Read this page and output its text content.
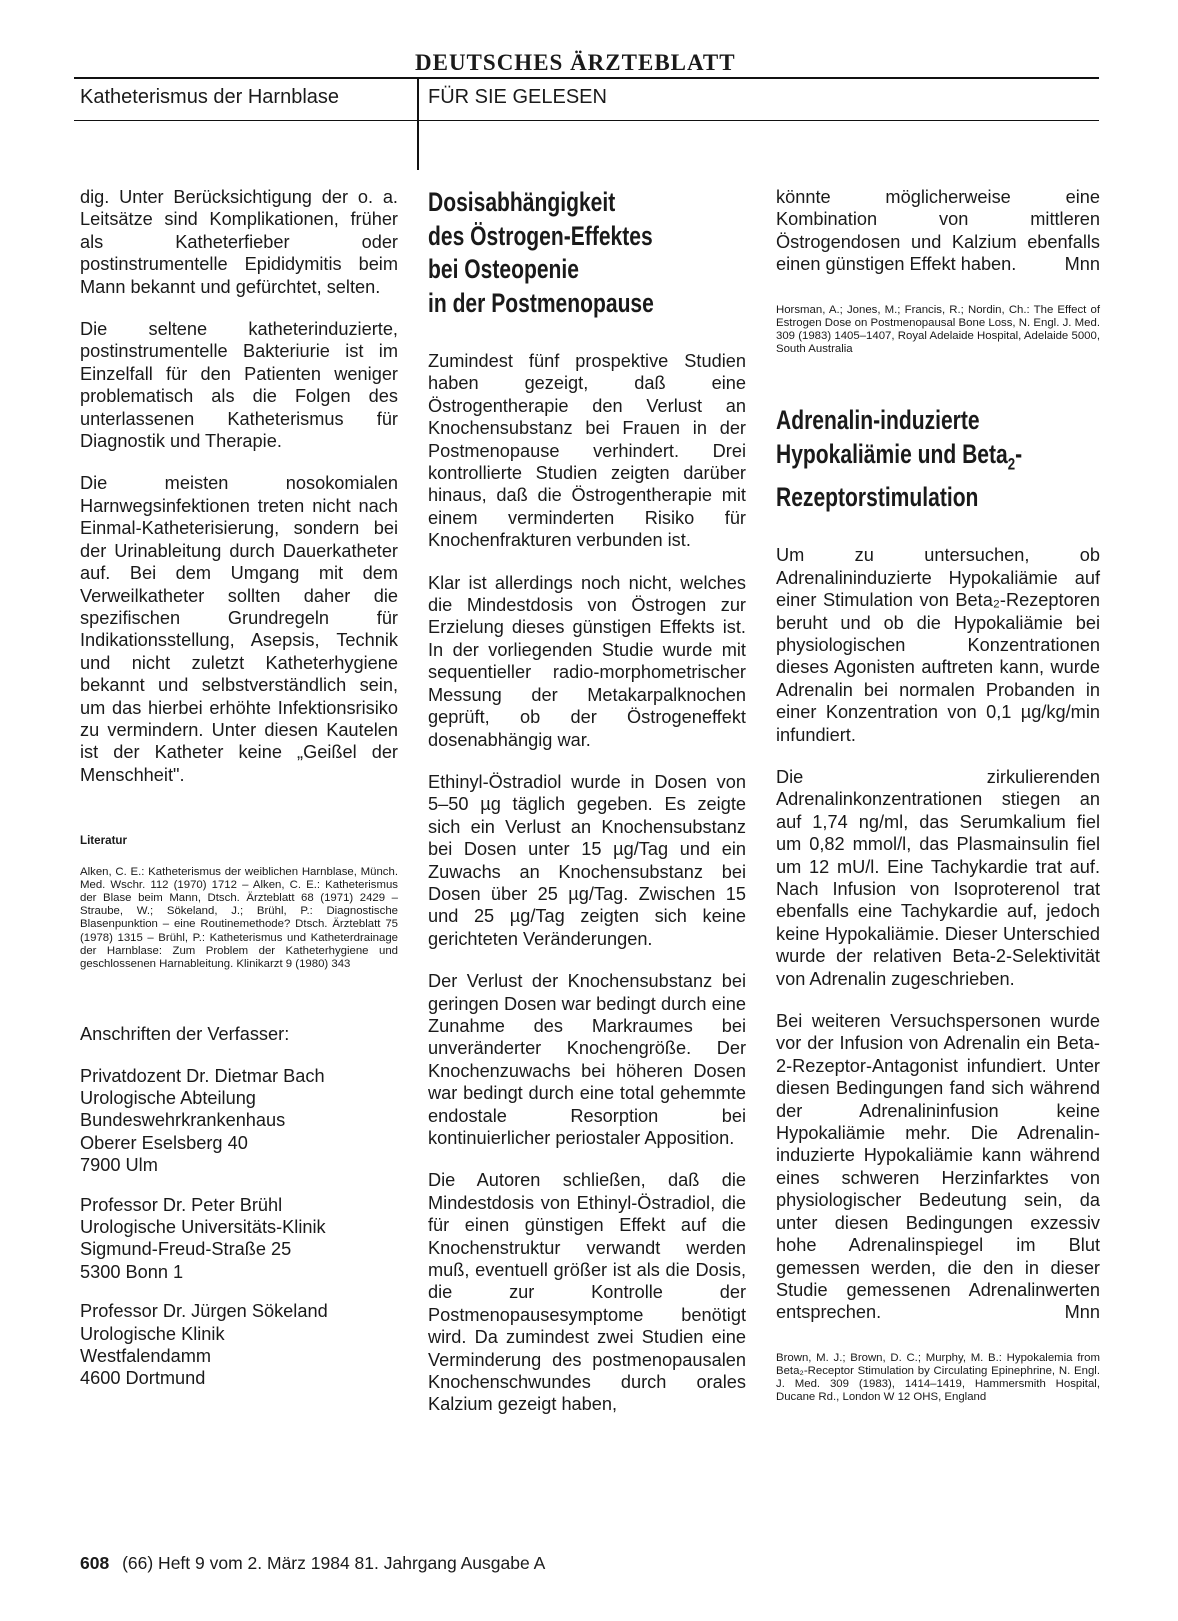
DEUTSCHES ÄRZTEBLATT
Katheterismus der Harnblase	FÜR SIE GELESEN

dig. Unter Berücksichtigung der o. a. Leitsätze sind Komplikationen, früher als Katheterfieber oder postinstrumentelle Epididymitis beim Mann bekannt und gefürchtet, selten.

Die seltene katheterinduzierte, postinstrumentelle Bakteriurie ist im Einzelfall für den Patienten weniger problematisch als die Folgen des unterlassenen Katheterismus für Diagnostik und Therapie.

Die meisten nosokomialen Harnwegsinfektionen treten nicht nach Einmal-Katheterisierung, sondern bei der Urinableitung durch Dauerkatheter auf. Bei dem Umgang mit dem Verweilkatheter sollten daher die spezifischen Grundregeln für Indikationsstellung, Asepsis, Technik und nicht zuletzt Katheterhygiene bekannt und selbstverständlich sein, um das hierbei erhöhte Infektionsrisiko zu vermindern. Unter diesen Kautelen ist der Katheter keine „Geißel der Menschheit".

Literatur
Alken, C. E.: Katheterismus der weiblichen Harnblase, Münch. Med. Wschr. 112 (1970) 1712 – Alken, C. E.: Katheterismus der Blase beim Mann, Dtsch. Ärzteblatt 68 (1971) 2429 – Straube, W.; Sökeland, J.; Brühl, P.: Diagnostische Blasenpunktion – eine Routinemethode? Dtsch. Ärzteblatt 75 (1978) 1315 – Brühl, P.: Katheterismus und Katheterdrainage der Harnblase: Zum Problem der Katheterhygiene und geschlossenen Harnableitung. Klinikarzt 9 (1980) 343
Anschriften der Verfasser:
Privatdozent Dr. Dietmar Bach
Urologische Abteilung
Bundeswehrkrankenhaus
Oberer Eselsberg 40
7900 Ulm
Professor Dr. Peter Brühl
Urologische Universitäts-Klinik
Sigmund-Freud-Straße 25
5300 Bonn 1
Professor Dr. Jürgen Sökeland
Urologische Klinik
Westfalendamm
4600 Dortmund
Dosisabhängigkeit
des Östrogen-Effektes
bei Osteopenie
in der Postmenopause

Zumindest fünf prospektive Studien haben gezeigt, daß eine Östrogentherapie den Verlust an Knochensubstanz bei Frauen in der Postmenopause verhindert. Drei kontrollierte Studien zeigten darüber hinaus, daß die Östrogentherapie mit einem verminderten Risiko für Knochenfrakturen verbunden ist.

Klar ist allerdings noch nicht, welches die Mindestdosis von Östrogen zur Erzielung dieses günstigen Effekts ist. In der vorliegenden Studie wurde mit sequentieller radio-morphometrischer Messung der Metakarpalknochen geprüft, ob der Östrogeneffekt dosenabhängig war.

Ethinyl-Östradiol wurde in Dosen von 5–50 µg täglich gegeben. Es zeigte sich ein Verlust an Knochensubstanz bei Dosen unter 15 µg/Tag und ein Zuwachs an Knochensubstanz bei Dosen über 25 µg/Tag. Zwischen 15 und 25 µg/Tag zeigten sich keine gerichteten Veränderungen.

Der Verlust der Knochensubstanz bei geringen Dosen war bedingt durch eine Zunahme des Markraumes bei unveränderter Knochengröße. Der Knochenzuwachs bei höheren Dosen war bedingt durch eine total gehemmte endostale Resorption bei kontinuierlicher periostaler Apposition.

Die Autoren schließen, daß die Mindestdosis von Ethinyl-Östradiol, die für einen günstigen Effekt auf die Knochenstruktur verwandt werden muß, eventuell größer ist als die Dosis, die zur Kontrolle der Postmenopausesymptome benötigt wird. Da zumindest zwei Studien eine Verminderung des postmenopausalen Knochenschwundes durch orales Kalzium gezeigt haben,

könnte möglicherweise eine Kombination von mittleren Östrogendosen und Kalzium ebenfalls einen günstigen Effekt haben.	Mnn

Horsman, A.; Jones, M.; Francis, R.; Nordin, Ch.: The Effect of Estrogen Dose on Postmenopausal Bone Loss, N. Engl. J. Med. 309 (1983) 1405–1407, Royal Adelaide Hospital, Adelaide 5000, South Australia
Adrenalin-induzierte
Hypokaliämie und Beta$_2$-
Rezeptorstimulation

Um zu untersuchen, ob Adrenalininduzierte Hypokaliämie auf einer Stimulation von Beta₂-Rezeptoren beruht und ob die Hypokaliämie bei physiologischen Konzentrationen dieses Agonisten auftreten kann, wurde Adrenalin bei normalen Probanden in einer Konzentration von 0,1 µg/kg/min infundiert.

Die zirkulierenden Adrenalinkonzentrationen stiegen an auf 1,74 ng/ml, das Serumkalium fiel um 0,82 mmol/l, das Plasmainsulin fiel um 12 mU/l. Eine Tachykardie trat auf. Nach Infusion von Isoproterenol trat ebenfalls eine Tachykardie auf, jedoch keine Hypokaliämie. Dieser Unterschied wurde der relativen Beta-2-Selektivität von Adrenalin zugeschrieben.

Bei weiteren Versuchspersonen wurde vor der Infusion von Adrenalin ein Beta-2-Rezeptor-Antagonist infundiert. Unter diesen Bedingungen fand sich während der Adrenalininfusion keine Hypokaliämie mehr. Die Adrenalin-induzierte Hypokaliämie kann während eines schweren Herzinfarktes von physiologischer Bedeutung sein, da unter diesen Bedingungen exzessiv hohe Adrenalinspiegel im Blut gemessen werden, die den in dieser Studie gemessenen Adrenalinwerten entsprechen.	Mnn

Brown, M. J.; Brown, D. C.; Murphy, M. B.: Hypokalemia from Beta₂-Receptor Stimulation by Circulating Epinephrine, N. Engl. J. Med. 309 (1983), 1414–1419, Hammersmith Hospital, Ducane Rd., London W 12 OHS, England
608 (66) Heft 9 vom 2. März 1984 81. Jahrgang Ausgabe A
